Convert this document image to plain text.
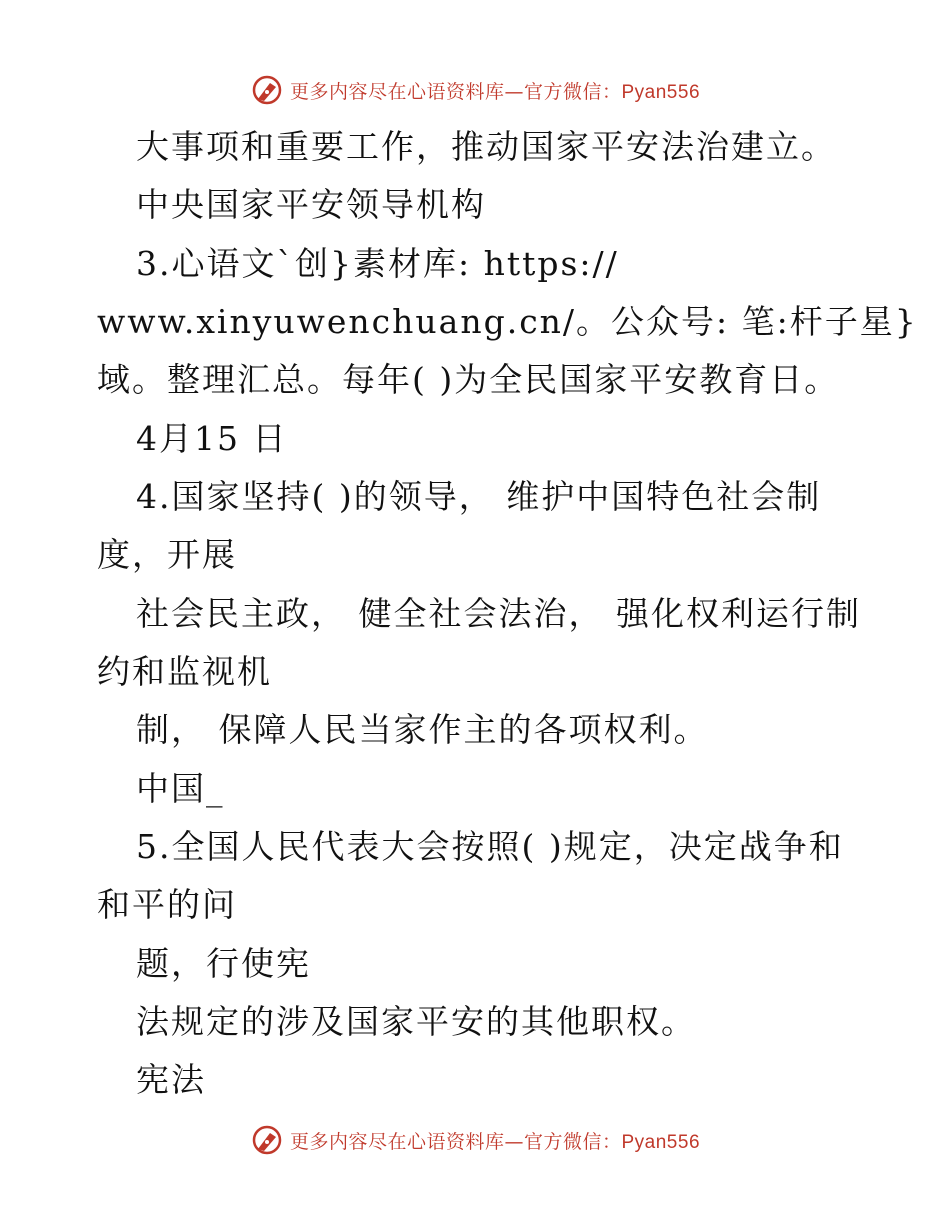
更多内容尽在心语资料库—官方微信：Pyan556
大事项和重要工作，推动国家平安法治建立。
中央国家平安领导机构
3.心语文`创}素材库: https://
www.xinyuwenchuang.cn/。公众号: 笔:杆子星}
域。整理汇总。每年( )为全民国家平安教育日。
4月15 日
4.国家坚持( )的领导， 维护中国特色社会制
度，开展
社会民主政， 健全社会法治， 强化权利运行制
约和监视机
制， 保障人民当家作主的各项权利。
中国_
5.全国人民代表大会按照( )规定，决定战争和
和平的问
题，行使宪
法规定的涉及国家平安的其他职权。
宪法
更多内容尽在心语资料库—官方微信：Pyan556
